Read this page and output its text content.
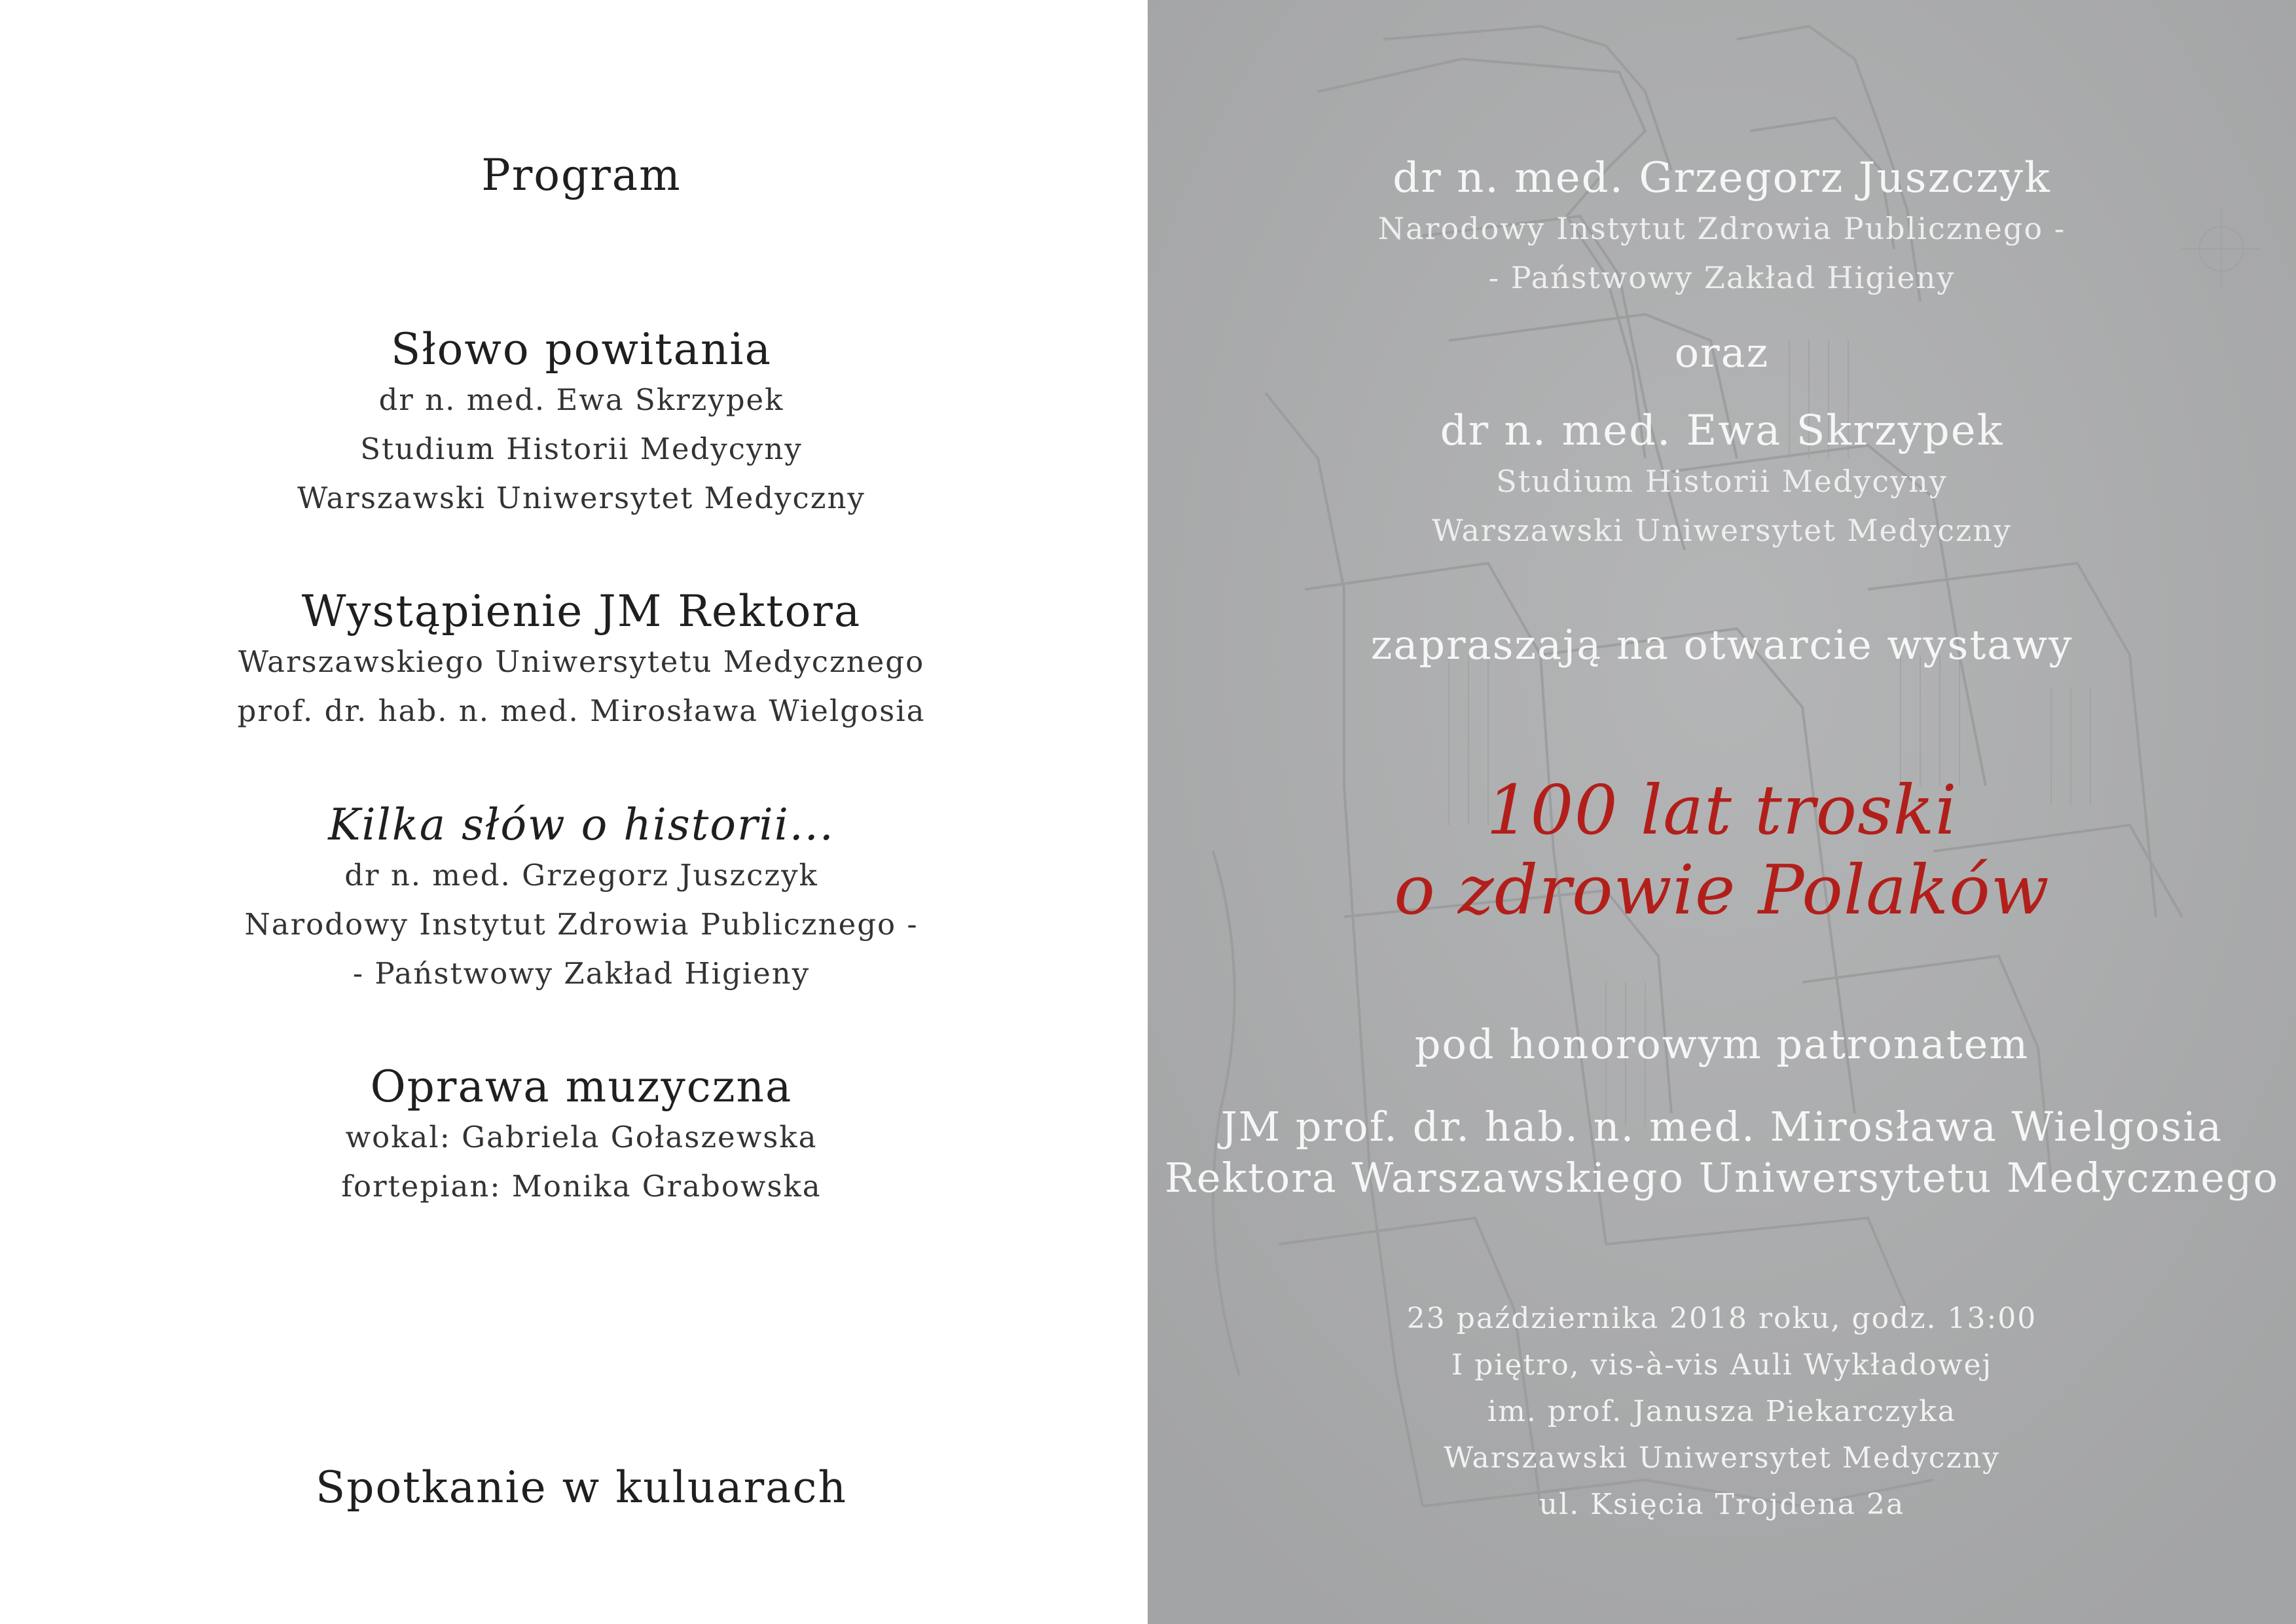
Program
Słowo powitania
dr n. med. Ewa Skrzypek
Studium Historii Medycyny
Warszawski Uniwersytet Medyczny
Wystąpienie JM Rektora
Warszawskiego Uniwersytetu Medycznego
prof. dr. hab. n. med. Mirosława Wielgosia
Kilka słów o historii...
dr n. med. Grzegorz Juszczyk
Narodowy Instytut Zdrowia Publicznego -
- Państwowy Zakład Higieny
Oprawa muzyczna
wokal: Gabriela Gołaszewska
fortepian: Monika Grabowska
Spotkanie w kuluarach
dr n. med. Grzegorz Juszczyk
Narodowy Instytut Zdrowia Publicznego -
- Państwowy Zakład Higieny
oraz
dr n. med. Ewa Skrzypek
Studium Historii Medycyny
Warszawski Uniwersytet Medyczny
zapraszają na otwarcie wystawy
100 lat troski
o zdrowie Polaków
pod honorowym patronatem
JM prof. dr. hab. n. med. Mirosława Wielgosia
Rektora Warszawskiego Uniwersytetu Medycznego
23 października 2018 roku, godz. 13:00
I piętro, vis-à-vis Auli Wykładowej
im. prof. Janusza Piekarczyka
Warszawski Uniwersytet Medyczny
ul. Księcia Trojdena 2a
